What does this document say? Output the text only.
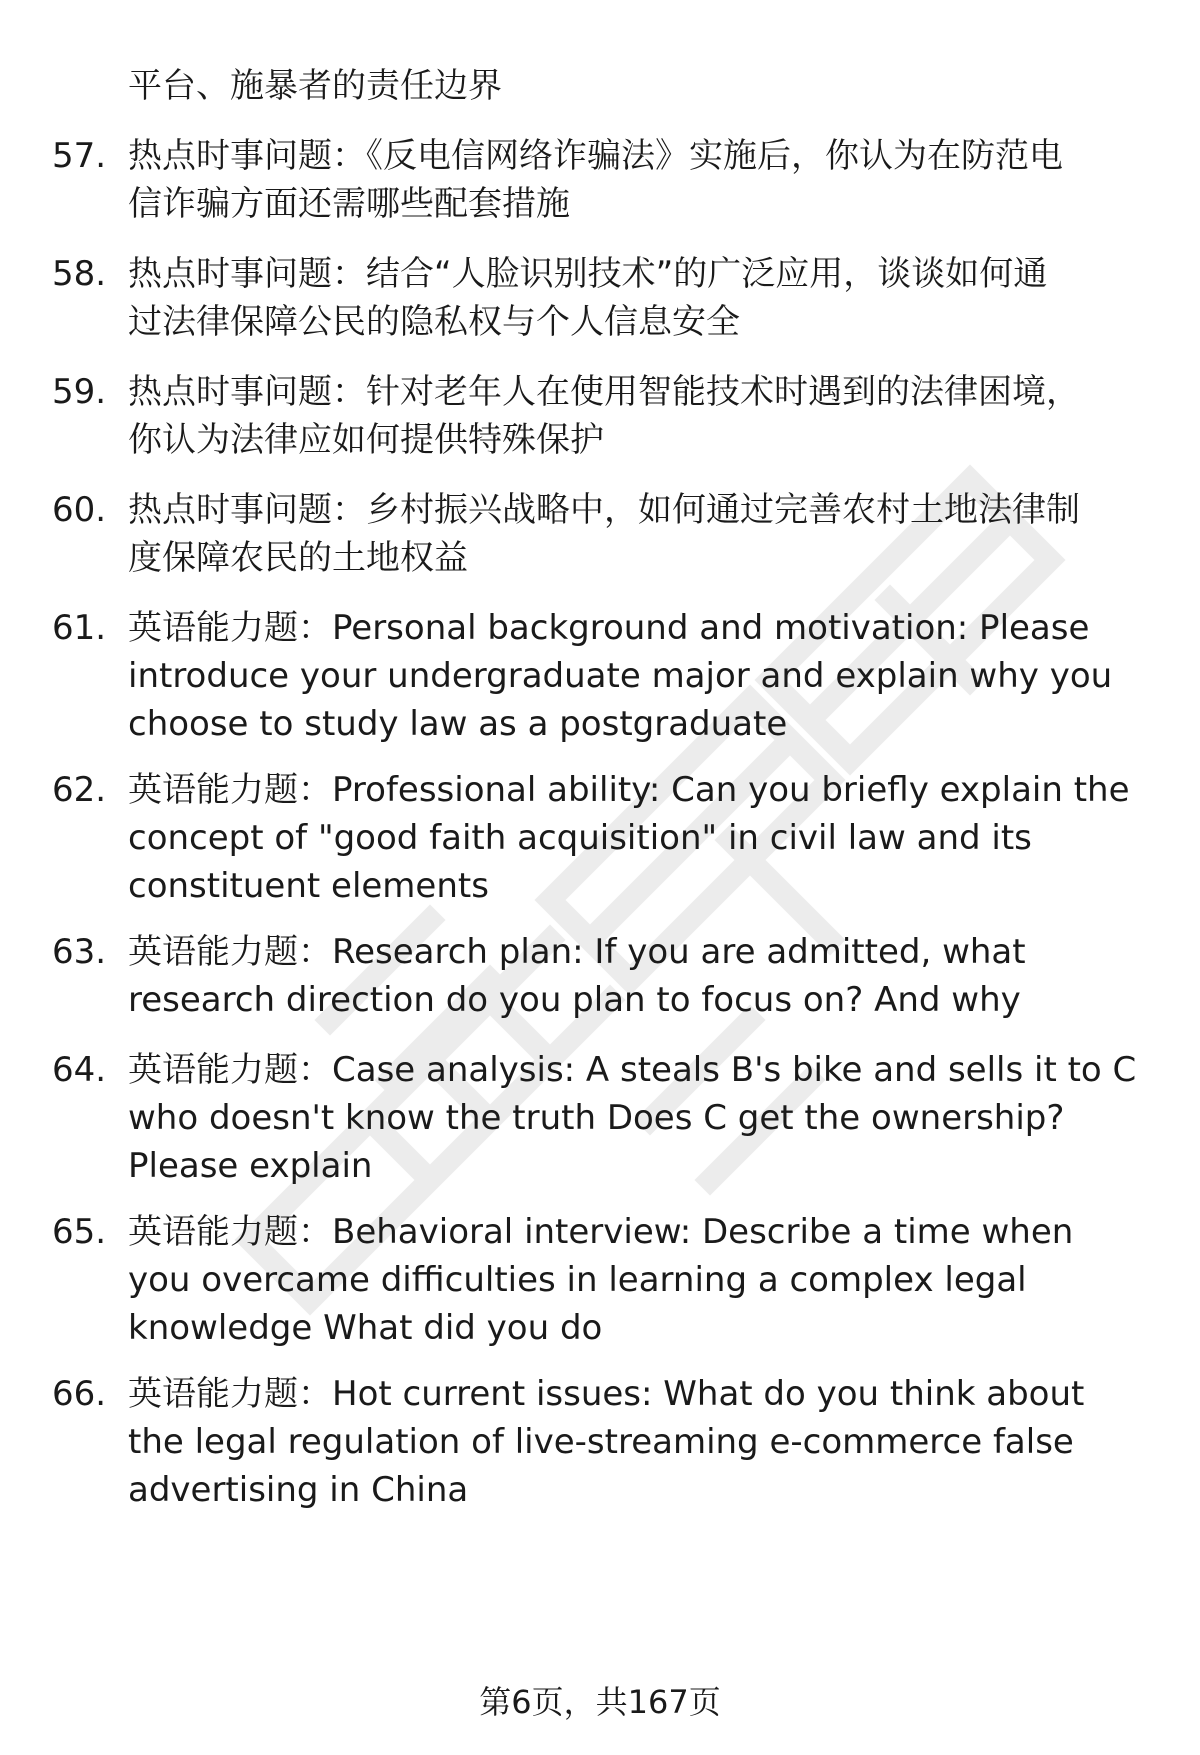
平台、施暴者的责任边界
57. 热点时事问题：《反电信网络诈骗法》实施后，你认为在防范电
信诈骗方面还需哪些配套措施
58. 热点时事问题：结合“人脸识别技术”的广泛应用，谈谈如何通
过法律保障公民的隐私权与个人信息安全
59. 热点时事问题：针对老年人在使用智能技术时遇到的法律困境，
你认为法律应如何提供特殊保护
60. 热点时事问题：乡村振兴战略中，如何通过完善农村土地法律制
度保障农民的土地权益
61. 英语能力题：Personal background and motivation: Please
introduce your undergraduate major and explain why you
choose to study law as a postgraduate
62. 英语能力题：Professional ability: Can you briefly explain the
concept of "good faith acquisition" in civil law and its
constituent elements
63. 英语能力题：Research plan: If you are admitted, what
research direction do you plan to focus on? And why
64. 英语能力题：Case analysis: A steals B's bike and sells it to C
who doesn't know the truth Does C get the ownership?
Please explain
65. 英语能力题：Behavioral interview: Describe a time when
you overcame difficulties in learning a complex legal
knowledge What did you do
66. 英语能力题：Hot current issues: What do you think about
the legal regulation of live-streaming e-commerce false
advertising in China
第6页，共167页
